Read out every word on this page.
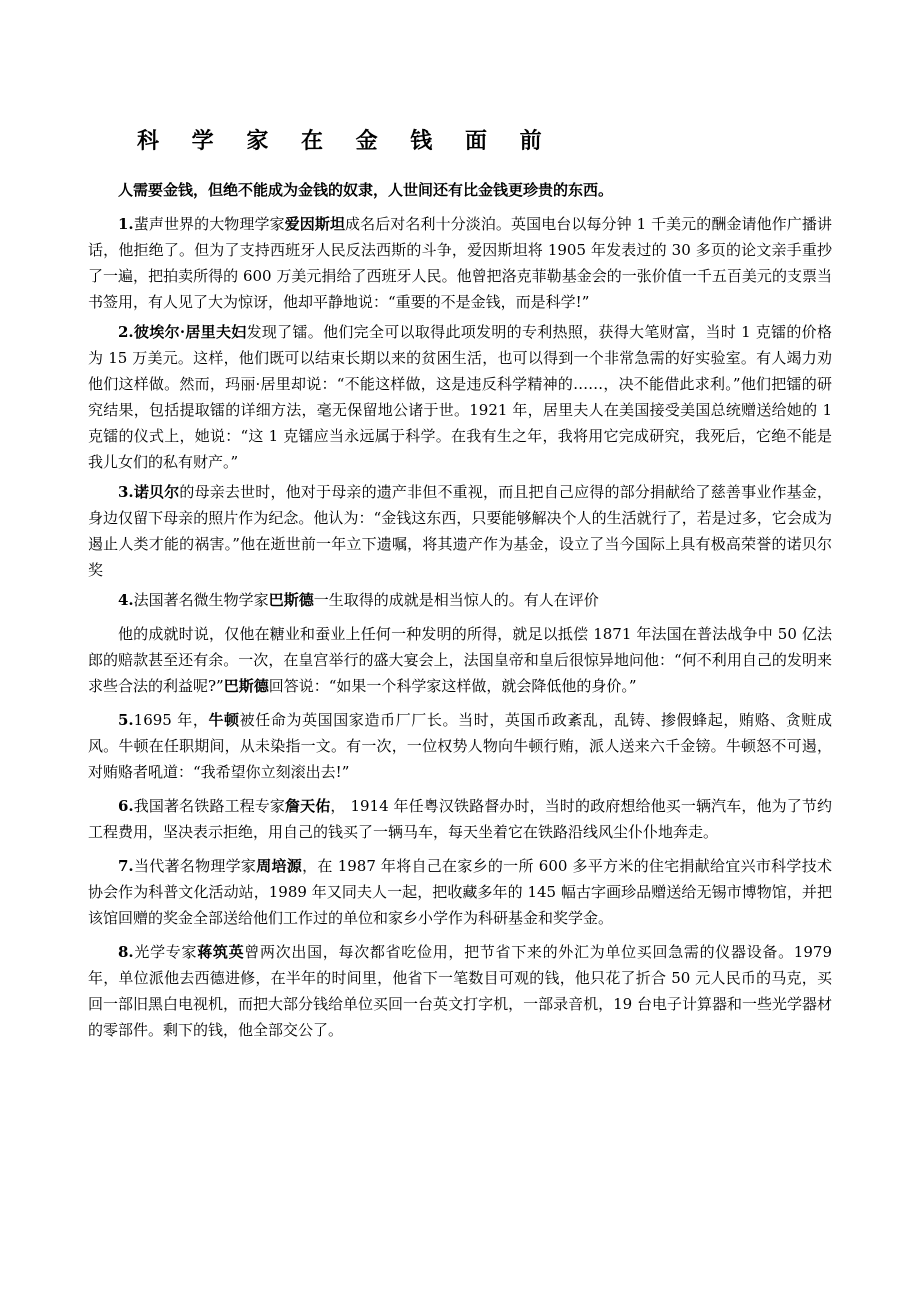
科 学 家 在 金 钱 面 前

人需要金钱，但绝不能成为金钱的奴隶，人世间还有比金钱更珍贵的东西。

1.蜚声世界的大物理学家爱因斯坦成名后对名利十分淡泊。英国电台以每分钟 1 千美元的酬金请他作广播讲话，他拒绝了。但为了支持西班牙人民反法西斯的斗争，爱因斯坦将 1905 年发表过的 30 多页的论文亲手重抄了一遍，把拍卖所得的 600 万美元捐给了西班牙人民。他曾把洛克菲勒基金会的一张价值一千五百美元的支票当书签用，有人见了大为惊讶，他却平静地说：“重要的不是金钱，而是科学!”

2.彼埃尔·居里夫妇发现了镭。他们完全可以取得此项发明的专利热照，获得大笔财富，当时 1 克镭的价格为 15 万美元。这样，他们既可以结束长期以来的贫困生活，也可以得到一个非常急需的好实验室。有人竭力劝他们这样做。然而，玛丽·居里却说：“不能这样做，这是违反科学精神的……，决不能借此求利。”他们把镭的研究结果，包括提取镭的详细方法，毫无保留地公诸于世。1921 年，居里夫人在美国接受美国总统赠送给她的 1 克镭的仪式上，她说：“这 1 克镭应当永远属于科学。在我有生之年，我将用它完成研究，我死后，它绝不能是我儿女们的私有财产。”

3.诺贝尔的母亲去世时，他对于母亲的遗产非但不重视，而且把自己应得的部分捐献给了慈善事业作基金，身边仅留下母亲的照片作为纪念。他认为：“金钱这东西，只要能够解决个人的生活就行了，若是过多，它会成为遏止人类才能的祸害。”他在逝世前一年立下遗嘱，将其遗产作为基金，设立了当今国际上具有极高荣誉的诺贝尔奖

4.法国著名微生物学家巴斯德一生取得的成就是相当惊人的。有人在评价

他的成就时说，仅他在糖业和蚕业上任何一种发明的所得，就足以抵偿 1871 年法国在普法战争中 50 亿法郎的赔款甚至还有余。一次，在皇宫举行的盛大宴会上，法国皇帝和皇后很惊异地问他：“何不利用自己的发明来求些合法的利益呢?”巴斯德回答说：“如果一个科学家这样做，就会降低他的身价。”

5.1695 年，牛顿被任命为英国国家造币厂厂长。当时，英国币政紊乱，乱铸、掺假蜂起，贿赂、贪赃成风。牛顿在任职期间，从未染指一文。有一次，一位权势人物向牛顿行贿，派人送来六千金镑。牛顿怒不可遏，对贿赂者吼道：“我希望你立刻滚出去!”

6.我国著名铁路工程专家詹天佑， 1914 年任粤汉铁路督办时，当时的政府想给他买一辆汽车，他为了节约工程费用，坚决表示拒绝，用自己的钱买了一辆马车，每天坐着它在铁路沿线风尘仆仆地奔走。

7.当代著名物理学家周培源，在 1987 年将自己在家乡的一所 600 多平方米的住宅捐献给宜兴市科学技术协会作为科普文化活动站，1989 年又同夫人一起，把收藏多年的 145 幅古字画珍品赠送给无锡市博物馆，并把该馆回赠的奖金全部送给他们工作过的单位和家乡小学作为科研基金和奖学金。

8.光学专家蒋筑英曾两次出国，每次都省吃俭用，把节省下来的外汇为单位买回急需的仪器设备。1979 年，单位派他去西德进修，在半年的时间里，他省下一笔数目可观的钱，他只花了折合 50 元人民币的马克，买回一部旧黑白电视机，而把大部分钱给单位买回一台英文打字机，一部录音机，19 台电子计算器和一些光学器材的零部件。剩下的钱，他全部交公了。
